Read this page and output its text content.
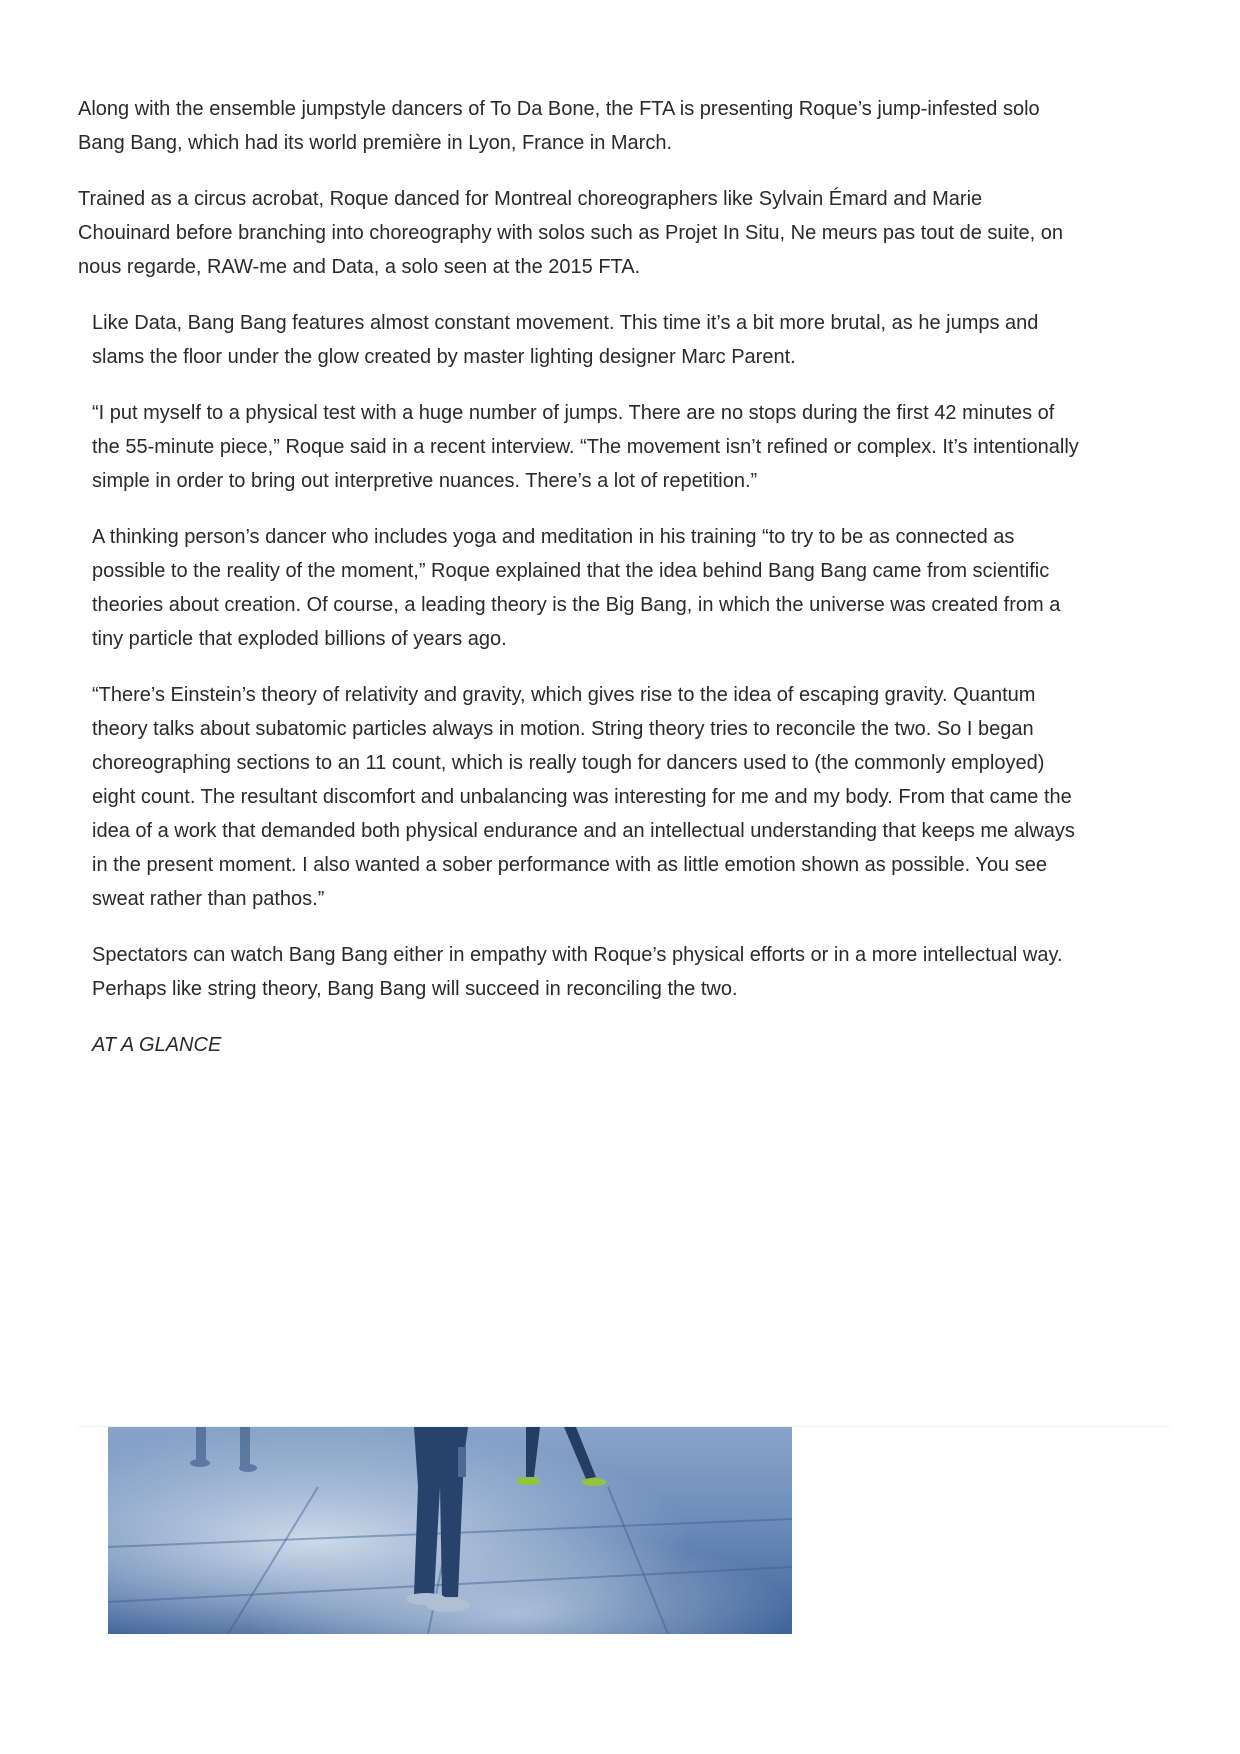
Along with the ensemble jumpstyle dancers of To Da Bone, the FTA is presenting Roque’s jump-infested solo Bang Bang, which had its world première in Lyon, France in March.

Trained as a circus acrobat, Roque danced for Montreal choreographers like Sylvain Émard and Marie Chouinard before branching into choreography with solos such as Projet In Situ, Ne meurs pas tout de suite, on nous regarde, RAW-me and Data, a solo seen at the 2015 FTA.

Like Data, Bang Bang features almost constant movement. This time it’s a bit more brutal, as he jumps and slams the floor under the glow created by master lighting designer Marc Parent.

“I put myself to a physical test with a huge number of jumps. There are no stops during the first 42 minutes of the 55-minute piece,” Roque said in a recent interview. “The movement isn’t refined or complex. It’s intentionally simple in order to bring out interpretive nuances. There’s a lot of repetition.”

A thinking person’s dancer who includes yoga and meditation in his training “to try to be as connected as possible to the reality of the moment,” Roque explained that the idea behind Bang Bang came from scientific theories about creation. Of course, a leading theory is the Big Bang, in which the universe was created from a tiny particle that exploded billions of years ago.

“There’s Einstein’s theory of relativity and gravity, which gives rise to the idea of escaping gravity. Quantum theory talks about subatomic particles always in motion. String theory tries to reconcile the two. So I began choreographing sections to an 11 count, which is really tough for dancers used to (the commonly employed) eight count. The resultant discomfort and unbalancing was interesting for me and my body. From that came the idea of a work that demanded both physical endurance and an intellectual understanding that keeps me always in the present moment. I also wanted a sober performance with as little emotion shown as possible. You see sweat rather than pathos.”

Spectators can watch Bang Bang either in empathy with Roque’s physical efforts or in a more intellectual way. Perhaps like string theory, Bang Bang will succeed in reconciling the two.

AT A GLANCE
